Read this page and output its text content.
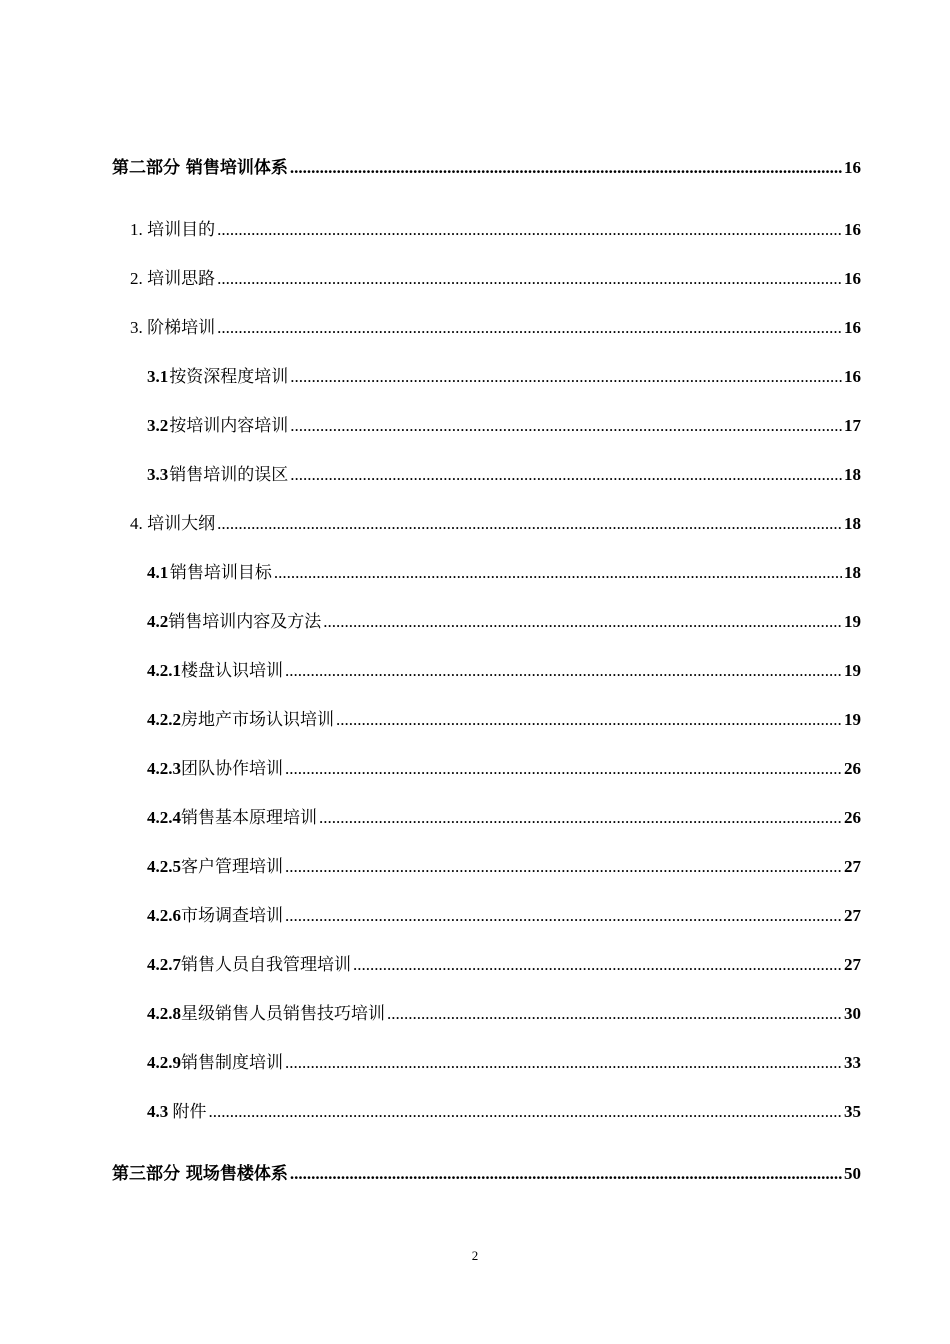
第二部分 销售培训体系 .....	16
1. 培训目的 .....	16
2. 培训思路 .....	16
3. 阶梯培训 .....	16
3.1 按资深程度培训 .....	16
3.2 按培训内容培训 .....	17
3.3 销售培训的误区 .....	18
4. 培训大纲 .....	18
4.1 销售培训目标 .....	18
4.2 销售培训内容及方法 .....	19
4.2.1 楼盘认识培训 .....	19
4.2.2 房地产市场认识培训 .....	19
4.2.3 团队协作培训 .....	26
4.2.4 销售基本原理培训 .....	26
4.2.5 客户管理培训 .....	27
4.2.6 市场调查培训 .....	27
4.2.7 销售人员自我管理培训 .....	27
4.2.8 星级销售人员销售技巧培训 .....	30
4.2.9 销售制度培训 .....	33
4.3 附件 .....	35
第三部分 现场售楼体系 .....	50
2
